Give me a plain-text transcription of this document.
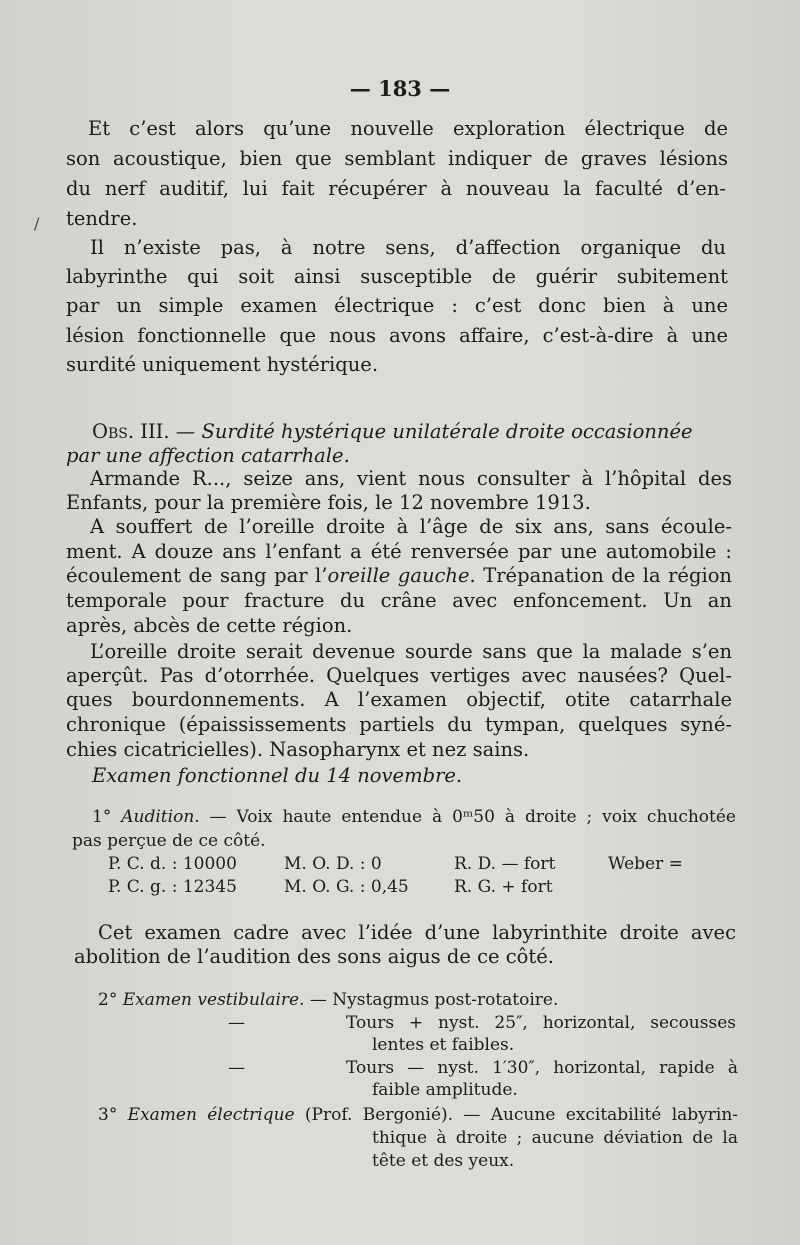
— 183 —
Et c’est alors qu’une nouvelle exploration électrique de
son acoustique, bien que semblant indiquer de graves lésions
du nerf auditif, lui fait récupérer à nouveau la faculté d’en-
tendre.
/
Il n’existe pas, à notre sens, d’affection organique du
labyrinthe qui soit ainsi susceptible de guérir subitement
par un simple examen électrique : c’est donc bien à une
lésion fonctionnelle que nous avons affaire, c’est-à-dire à une
surdité uniquement hystérique.
Obs. III. — Surdité hystérique unilatérale droite occasionnée
par une affection catarrhale.
Armande R..., seize ans, vient nous consulter à l’hôpital des
Enfants, pour la première fois, le 12 novembre 1913.
A souffert de l’oreille droite à l’âge de six ans, sans écoule-
ment. A douze ans l’enfant a été renversée par une automobile :
écoulement de sang par l’oreille gauche. Trépanation de la région
temporale pour fracture du crâne avec enfoncement. Un an
après, abcès de cette région.
L’oreille droite serait devenue sourde sans que la malade s’en
aperçût. Pas d’otorrhée. Quelques vertiges avec nausées? Quel-
ques bourdonnements. A l’examen objectif, otite catarrhale
chronique (épaississements partiels du tympan, quelques syné-
chies cicatricielles). Nasopharynx et nez sains.
Examen fonctionnel du 14 novembre.
1° Audition. — Voix haute entendue à 0ᵐ50 à droite ; voix chuchotée
pas perçue de ce côté.
P. C. d. : 10000	M. O. D. : 0	R. D. — fort	Weber =
P. C. g. : 12345	M. O. G. : 0,45	R. G. + fort
Cet examen cadre avec l’idée d’une labyrinthite droite avec
abolition de l’audition des sons aigus de ce côté.
2° Examen vestibulaire. — Nystagmus post-rotatoire.
—	Tours + nyst. 25″, horizontal, secousses
lentes et faibles.
—	Tours — nyst. 1′30″, horizontal, rapide à
faible amplitude.
3° Examen électrique (Prof. Bergonié). — Aucune excitabilité labyrin-
thique à droite ; aucune déviation de la
tête et des yeux.
